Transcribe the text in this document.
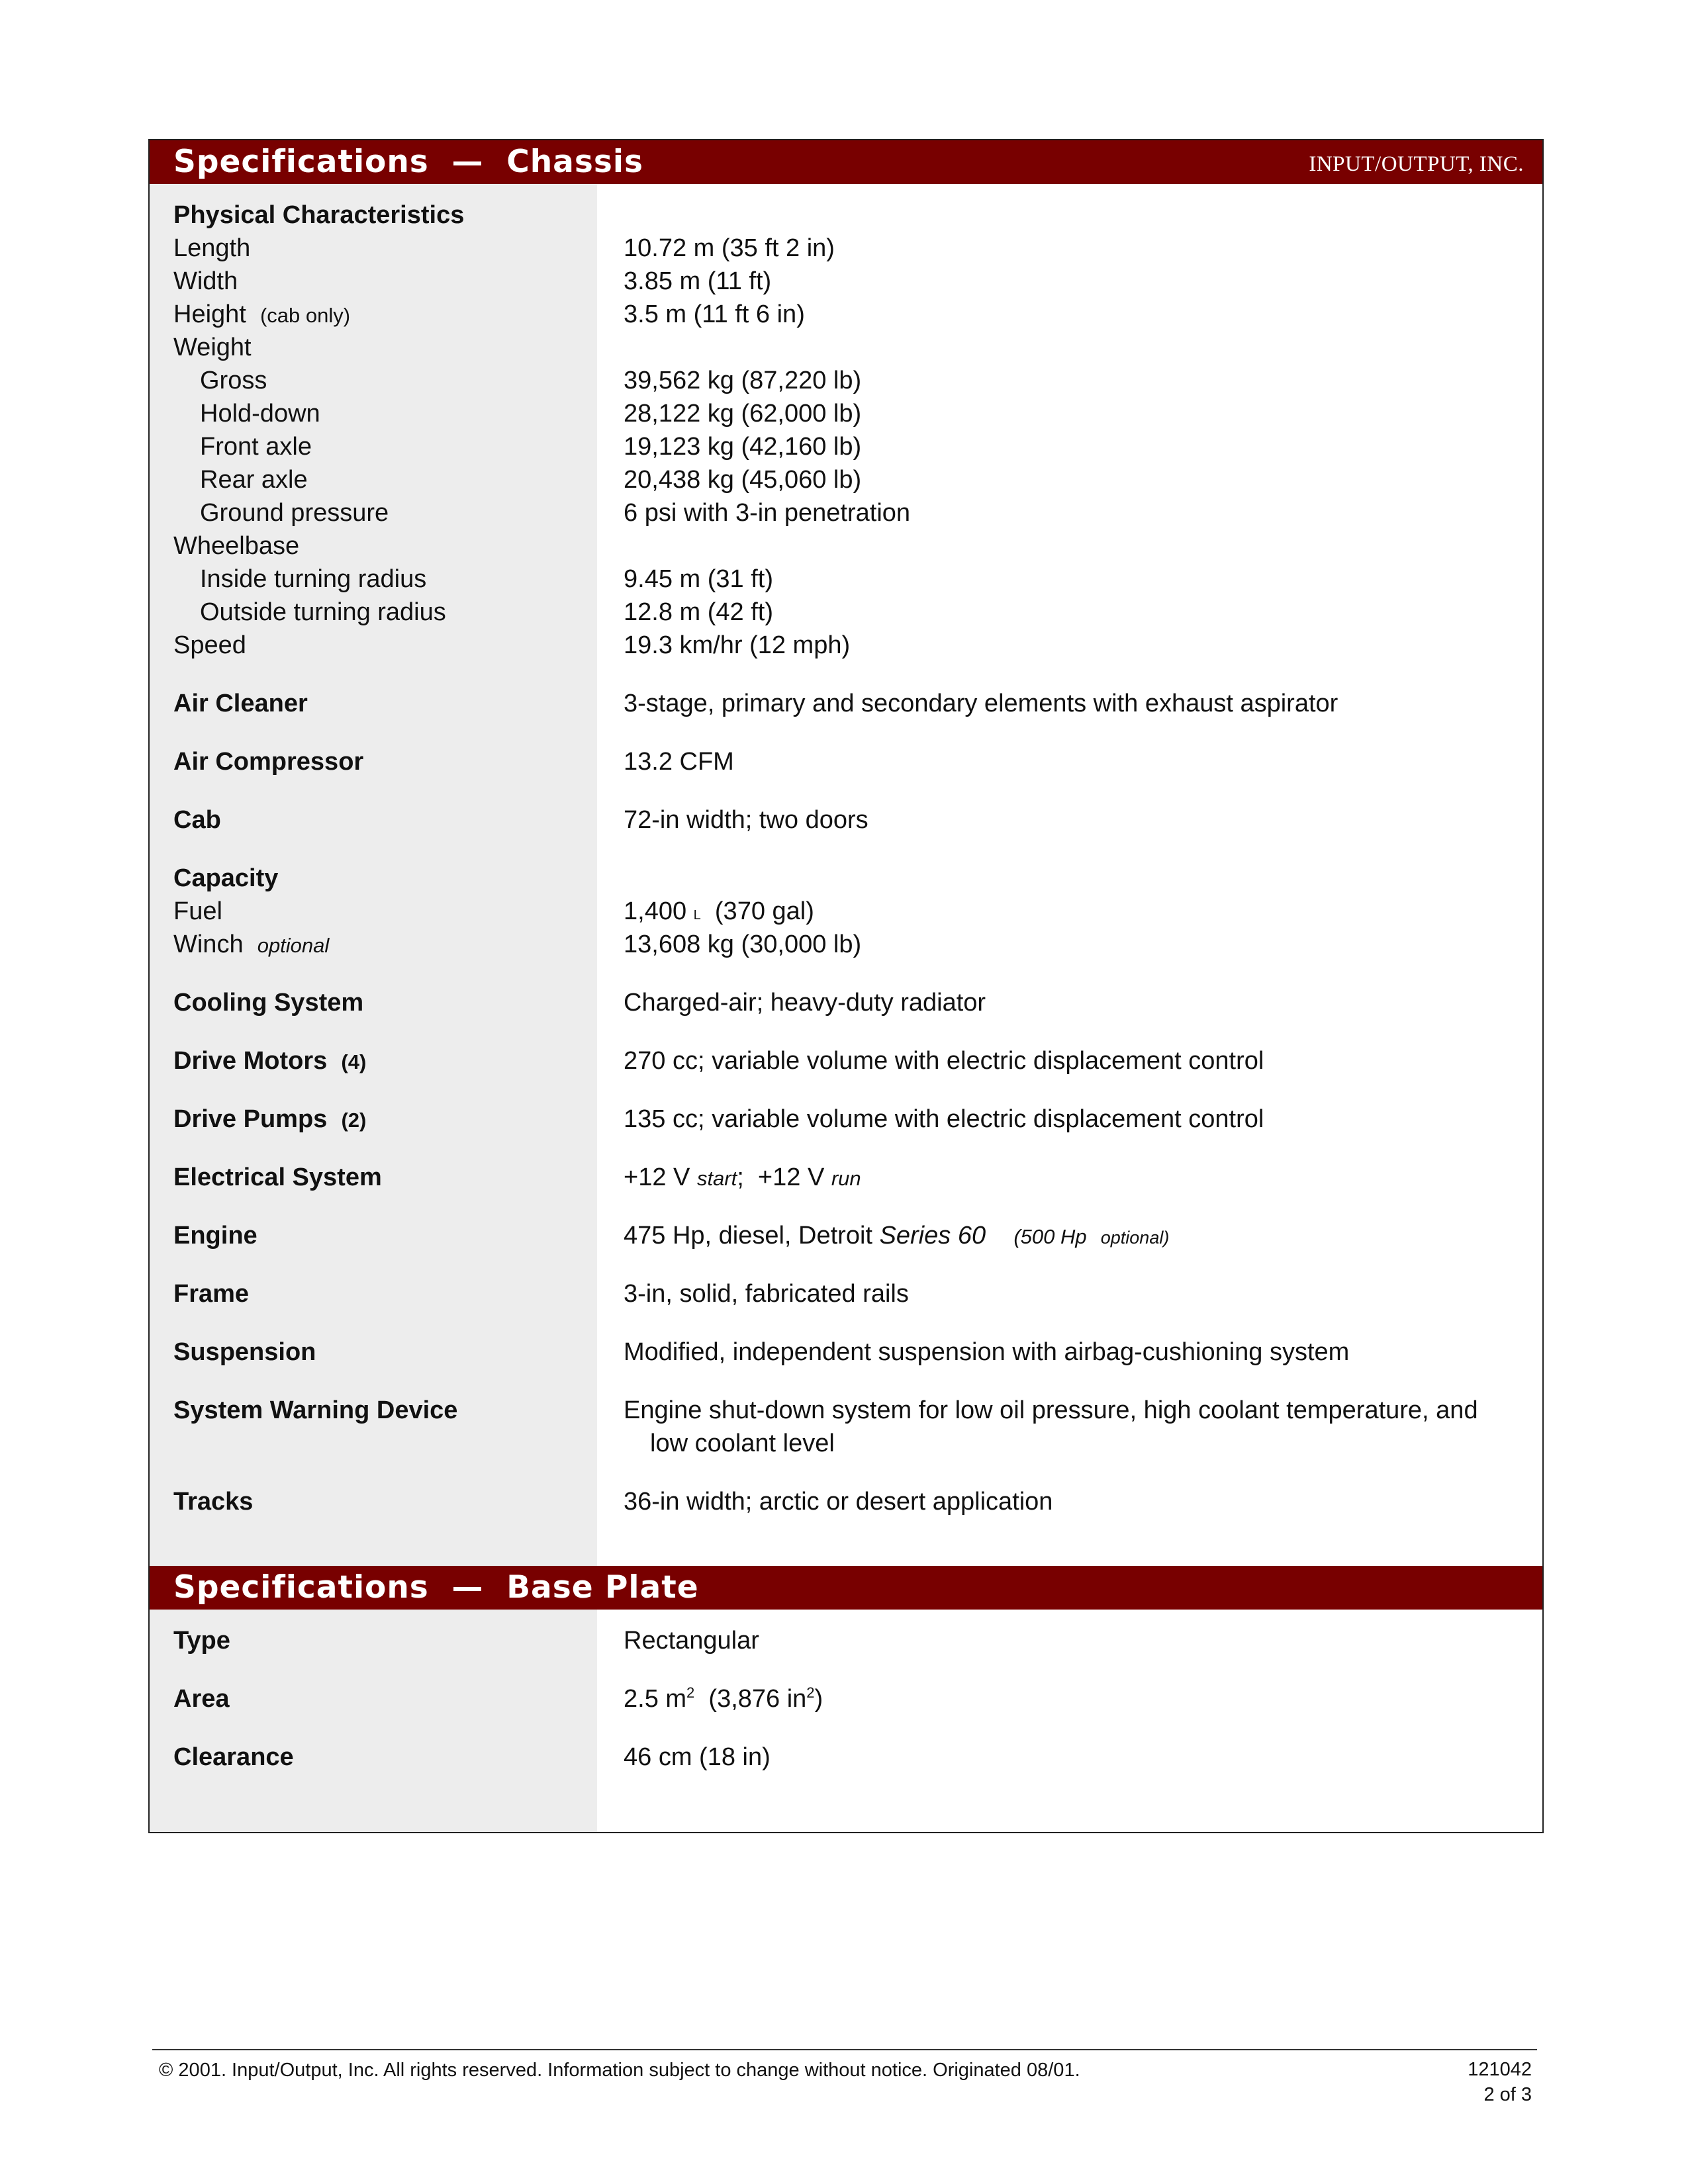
Specifications  —  Chassis	INPUT/OUTPUT, INC.
Physical Characteristics
Length	10.72 m (35 ft 2 in)
Width	3.85 m (11 ft)
Height (cab only)	3.5 m (11 ft 6 in)
Weight
Gross	39,562 kg (87,220 lb)
Hold-down	28,122 kg (62,000 lb)
Front axle	19,123 kg (42,160 lb)
Rear axle	20,438 kg (45,060 lb)
Ground pressure	6 psi with 3-in penetration
Wheelbase
Inside turning radius	9.45 m (31 ft)
Outside turning radius	12.8 m (42 ft)
Speed	19.3 km/hr (12 mph)
Air Cleaner	3-stage, primary and secondary elements with exhaust aspirator
Air Compressor	13.2 CFM
Cab	72-in width; two doors
Capacity
Fuel	1,400 L (370 gal)
Winch optional	13,608 kg (30,000 lb)
Cooling System	Charged-air; heavy-duty radiator
Drive Motors (4)	270 cc; variable volume with electric displacement control
Drive Pumps (2)	135 cc; variable volume with electric displacement control
Electrical System	+12 V start; +12 V run
Engine	475 Hp, diesel, Detroit Series 60 (500 Hp optional)
Frame	3-in, solid, fabricated rails
Suspension	Modified, independent suspension with airbag-cushioning system
System Warning Device	Engine shut-down system for low oil pressure, high coolant temperature, and
low coolant level
Tracks	36-in width; arctic or desert application
Specifications  —  Base Plate
Type	Rectangular
Area	2.5 $m^2$  (3,876 $in^2$)
Clearance	46 cm (18 in)
© 2001. Input/Output, Inc. All rights reserved. Information subject to change without notice. Originated 08/01.	121042
2 of 3
